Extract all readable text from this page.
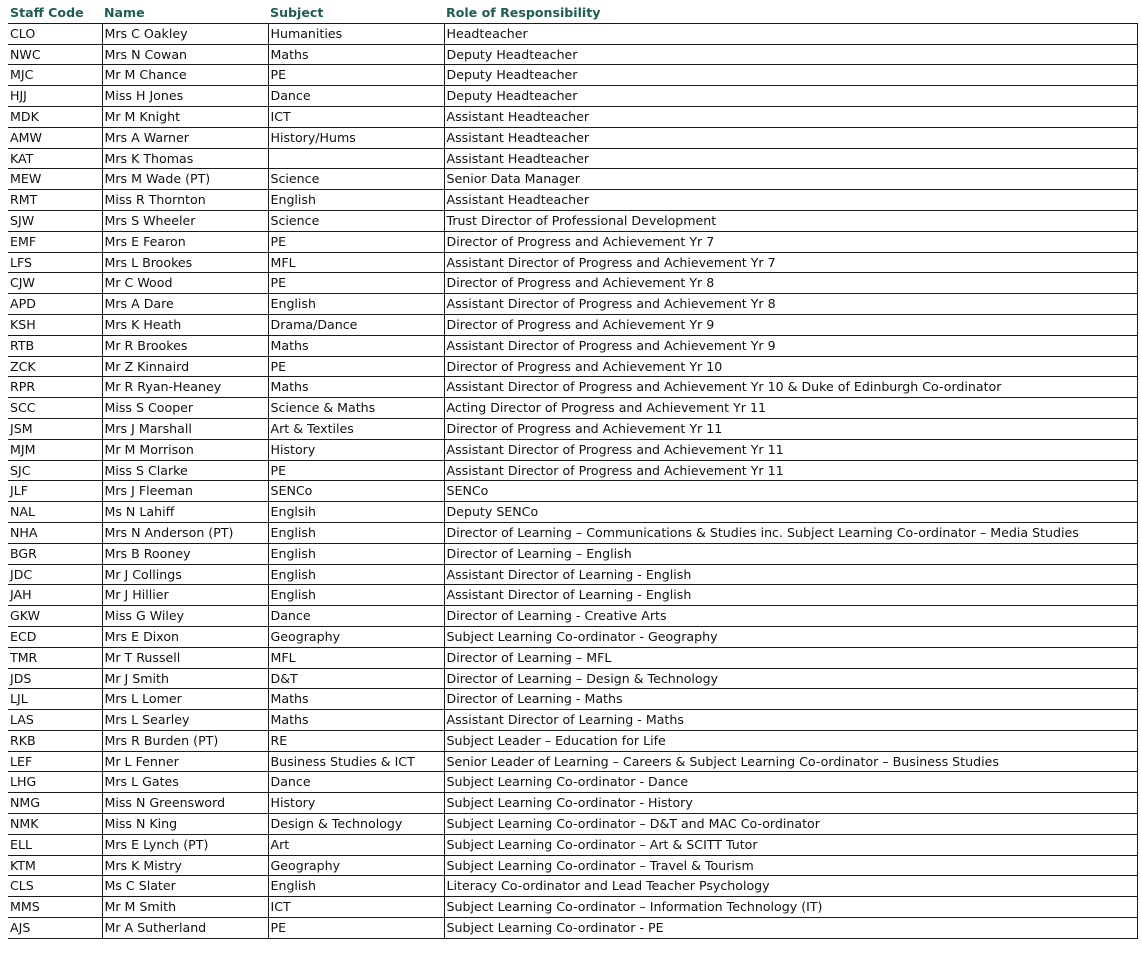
Staff Code	Name	Subject	Role of Responsibility
CLO	Mrs C Oakley	Humanities	Headteacher
NWC	Mrs N Cowan	Maths	Deputy Headteacher
MJC	Mr M Chance	PE	Deputy Headteacher
HJJ	Miss H Jones	Dance	Deputy Headteacher
MDK	Mr M Knight	ICT	Assistant Headteacher
AMW	Mrs A Warner	History/Hums	Assistant Headteacher
KAT	Mrs K Thomas		Assistant Headteacher
MEW	Mrs M Wade (PT)	Science	Senior Data Manager
RMT	Miss R Thornton	English	Assistant Headteacher
SJW	Mrs S Wheeler	Science	Trust Director of Professional Development
EMF	Mrs E Fearon	PE	Director of Progress and Achievement Yr 7
LFS	Mrs L Brookes	MFL	Assistant Director of Progress and Achievement Yr 7
CJW	Mr C Wood	PE	Director of Progress and Achievement Yr 8
APD	Mrs A Dare	English	Assistant Director of Progress and Achievement Yr 8
KSH	Mrs K Heath	Drama/Dance	Director of Progress and Achievement Yr 9
RTB	Mr R Brookes	Maths	Assistant Director of Progress and Achievement Yr 9
ZCK	Mr Z Kinnaird	PE	Director of Progress and Achievement Yr 10
RPR	Mr R Ryan-Heaney	Maths	Assistant Director of Progress and Achievement Yr 10 & Duke of Edinburgh Co-ordinator
SCC	Miss S Cooper	Science & Maths	Acting Director of Progress and Achievement Yr 11
JSM	Mrs J Marshall	Art & Textiles	Director of Progress and Achievement Yr 11
MJM	Mr M Morrison	History	Assistant Director of Progress and Achievement Yr 11
SJC	Miss S Clarke	PE	Assistant Director of Progress and Achievement Yr 11
JLF	Mrs J Fleeman	SENCo	SENCo
NAL	Ms N Lahiff	Englsih	Deputy SENCo
NHA	Mrs N Anderson (PT)	English	Director of Learning – Communications & Studies inc. Subject Learning Co-ordinator – Media Studies
BGR	Mrs B Rooney	English	Director of Learning – English
JDC	Mr J Collings	English	Assistant Director of Learning - English
JAH	Mr J Hillier	English	Assistant Director of Learning - English
GKW	Miss G Wiley	Dance	Director of Learning - Creative Arts
ECD	Mrs E Dixon	Geography	Subject Learning Co-ordinator - Geography
TMR	Mr T Russell	MFL	Director of Learning – MFL
JDS	Mr J Smith	D&T	Director of Learning – Design & Technology
LJL	Mrs L Lomer	Maths	Director of Learning - Maths
LAS	Mrs L Searley	Maths	Assistant Director of Learning - Maths
RKB	Mrs R Burden (PT)	RE	Subject Leader – Education for Life
LEF	Mr L Fenner	Business Studies & ICT	Senior Leader of Learning – Careers & Subject Learning Co-ordinator – Business Studies
LHG	Mrs L Gates	Dance	Subject Learning Co-ordinator - Dance
NMG	Miss N Greensword	History	Subject Learning Co-ordinator - History
NMK	Miss N King	Design & Technology	Subject Learning Co-ordinator – D&T and MAC Co-ordinator
ELL	Mrs E Lynch (PT)	Art	Subject Learning Co-ordinator – Art & SCITT Tutor
KTM	Mrs K Mistry	Geography	Subject Learning Co-ordinator – Travel & Tourism
CLS	Ms C Slater	English	Literacy Co-ordinator and Lead Teacher Psychology
MMS	Mr M Smith	ICT	Subject Learning Co-ordinator – Information Technology (IT)
AJS	Mr A Sutherland	PE	Subject Learning Co-ordinator - PE
